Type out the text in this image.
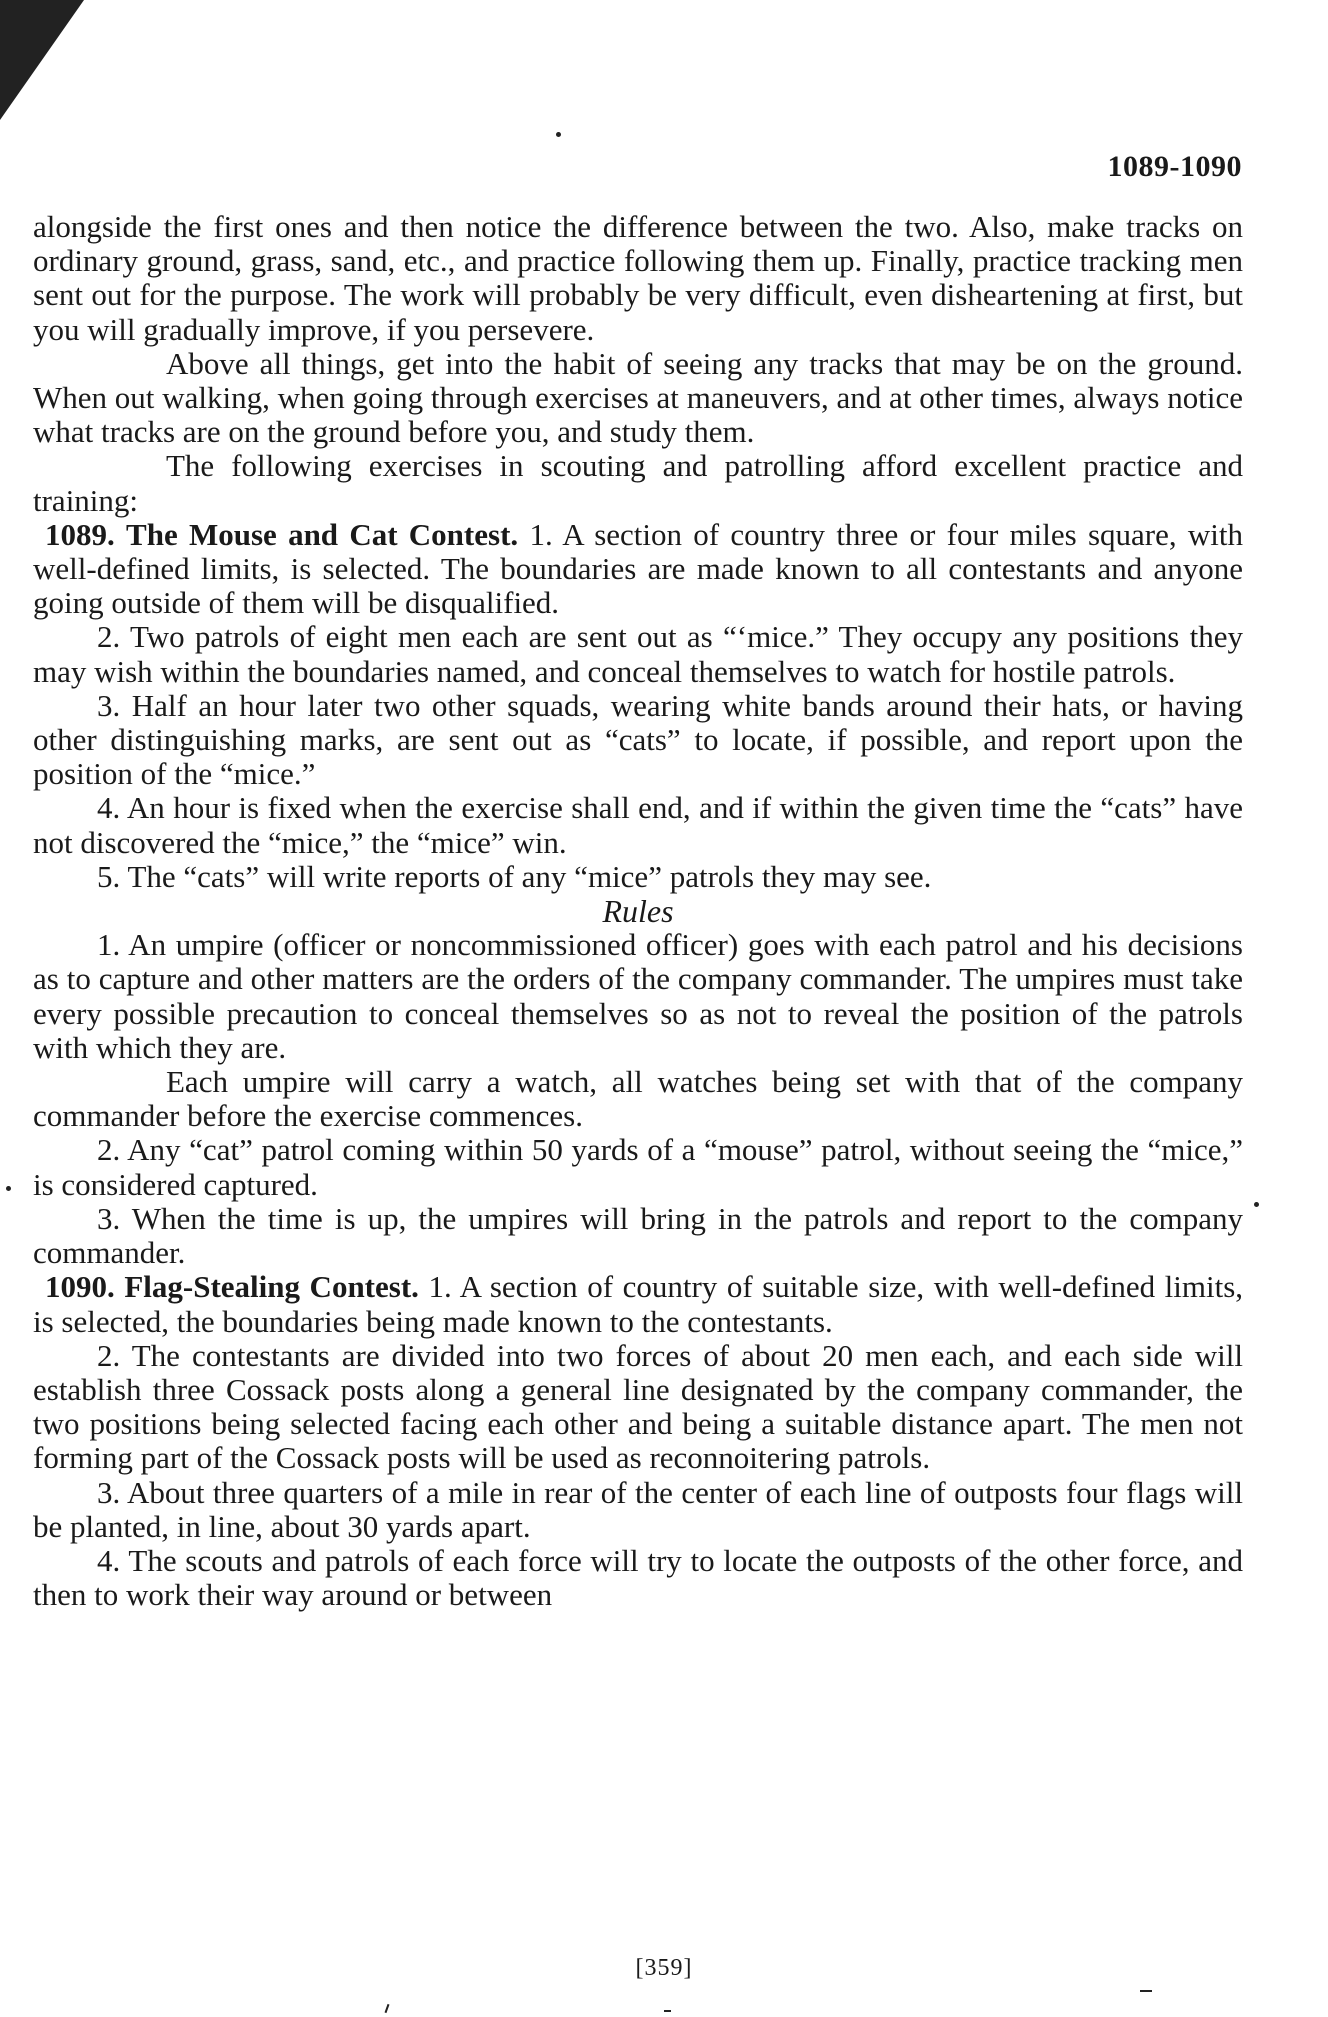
1089-1090

alongside the first ones and then notice the difference between the two. Also, make tracks on ordinary ground, grass, sand, etc., and practice following them up. Finally, practice tracking men sent out for the purpose. The work will probably be very difficult, even disheartening at first, but you will gradually improve, if you persevere.

Above all things, get into the habit of seeing any tracks that may be on the ground. When out walking, when going through exercises at maneuvers, and at other times, always notice what tracks are on the ground before you, and study them.

The following exercises in scouting and patrolling afford excellent practice and training:

1089. The Mouse and Cat Contest. 1. A section of country three or four miles square, with well-defined limits, is selected. The boundaries are made known to all contestants and anyone going outside of them will be disqualified.

2. Two patrols of eight men each are sent out as “‘mice.” They occupy any positions they may wish within the boundaries named, and conceal themselves to watch for hostile patrols.

3. Half an hour later two other squads, wearing white bands around their hats, or having other distinguishing marks, are sent out as “cats” to locate, if possible, and report upon the position of the “mice.”

4. An hour is fixed when the exercise shall end, and if within the given time the “cats” have not discovered the “mice,” the “mice” win.

5. The “cats” will write reports of any “mice” patrols they may see.

Rules

1. An umpire (officer or noncommissioned officer) goes with each patrol and his decisions as to capture and other matters are the orders of the company commander. The umpires must take every possible precaution to conceal themselves so as not to reveal the position of the patrols with which they are.

Each umpire will carry a watch, all watches being set with that of the company commander before the exercise commences.

2. Any “cat” patrol coming within 50 yards of a “mouse” patrol, without seeing the “mice,” is considered captured.

3. When the time is up, the umpires will bring in the patrols and report to the company commander.

1090. Flag-Stealing Contest. 1. A section of country of suitable size, with well-defined limits, is selected, the boundaries being made known to the contestants.

2. The contestants are divided into two forces of about 20 men each, and each side will establish three Cossack posts along a general line designated by the company commander, the two positions being selected facing each other and being a suitable distance apart. The men not forming part of the Cossack posts will be used as reconnoitering patrols.

3. About three quarters of a mile in rear of the center of each line of outposts four flags will be planted, in line, about 30 yards apart.

4. The scouts and patrols of each force will try to locate the outposts of the other force, and then to work their way around or between

[359]
